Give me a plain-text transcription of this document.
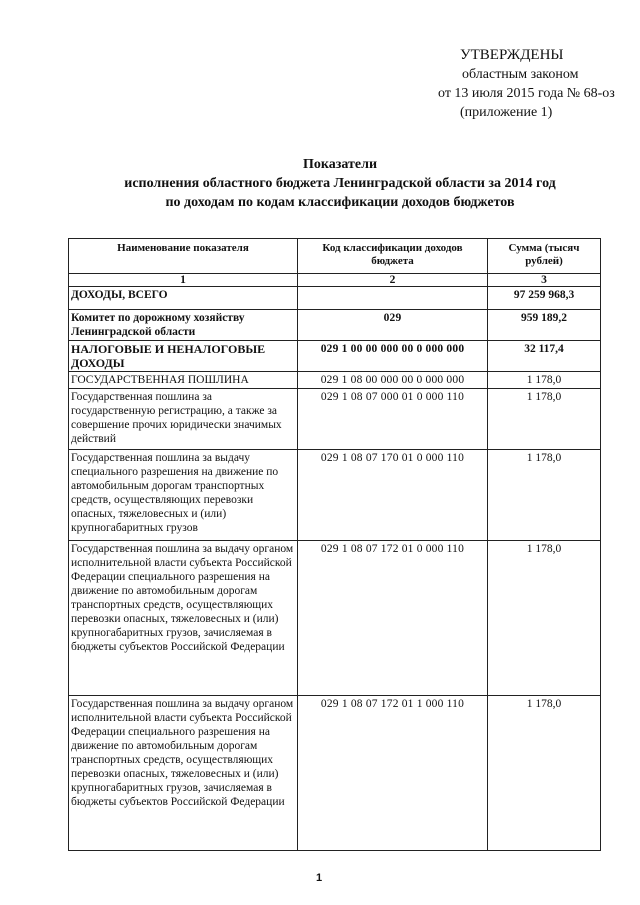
УТВЕРЖДЕНЫ
областным законом
от 13 июля 2015 года № 68-оз
(приложение 1)
Показатели
исполнения областного бюджета Ленинградской области за 2014 год
по доходам по кодам классификации доходов бюджетов
Наименование показателя	Код классификации доходов бюджета	Сумма (тысяч рублей)
1	2	3
ДОХОДЫ, ВСЕГО		97 259 968,3
Комитет по дорожному хозяйству Ленинградской области	029	959 189,2
НАЛОГОВЫЕ И НЕНАЛОГОВЫЕ ДОХОДЫ	029 1 00 00 000 00 0 000 000	32 117,4
ГОСУДАРСТВЕННАЯ ПОШЛИНА	029 1 08 00 000 00 0 000 000	1 178,0
Государственная пошлина за государственную регистрацию, а также за совершение прочих юридически значимых действий	029 1 08 07 000 01 0 000 110	1 178,0
Государственная пошлина за выдачу специального разрешения на движение по автомобильным дорогам транспортных средств, осуществляющих перевозки опасных, тяжеловесных и (или) крупногабаритных грузов	029 1 08 07 170 01 0 000 110	1 178,0
Государственная пошлина за выдачу органом исполнительной власти субъекта Российской Федерации специального разрешения на движение по автомобильным дорогам транспортных средств, осуществляющих перевозки опасных, тяжеловесных и (или) крупногабаритных грузов, зачисляемая в бюджеты субъектов Российской Федерации	029 1 08 07 172 01 0 000 110	1 178,0
Государственная пошлина за выдачу органом исполнительной власти субъекта Российской Федерации специального разрешения на движение по автомобильным дорогам транспортных средств, осуществляющих перевозки опасных, тяжеловесных и (или) крупногабаритных грузов, зачисляемая в бюджеты субъектов Российской Федерации	029 1 08 07 172 01 1 000 110	1 178,0
1
